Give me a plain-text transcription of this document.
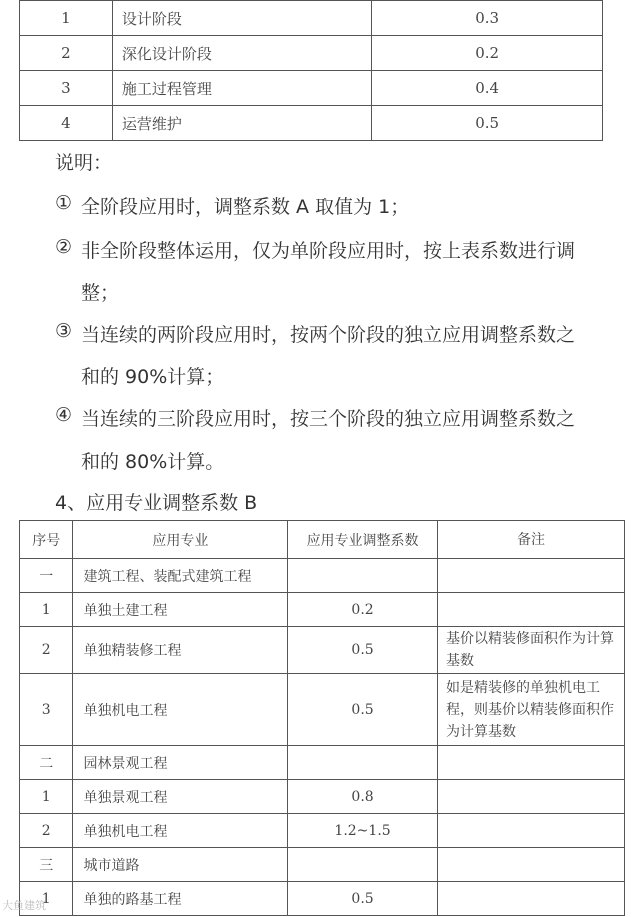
1	设计阶段	0.3
2	深化设计阶段	0.2
3	施工过程管理	0.4
4	运营维护	0.5
说明：
① 全阶段应用时，调整系数 A 取值为 1；
② 非全阶段整体运用，仅为单阶段应用时，按上表系数进行调
整；
③ 当连续的两阶段应用时，按两个阶段的独立应用调整系数之
和的 90%计算；
④ 当连续的三阶段应用时，按三个阶段的独立应用调整系数之
和的 80%计算。
4、应用专业调整系数 B
序号	应用专业	应用专业调整系数	备注
一	建筑工程、装配式建筑工程		
1	单独土建工程	0.2	
2	单独精装修工程	0.5	基价以精装修面积作为计算基数
3	单独机电工程	0.5	如是精装修的单独机电工程，则基价以精装修面积作为计算基数
二	园林景观工程		
1	单独景观工程	0.8	
2	单独机电工程	1.2~1.5	
三	城市道路		
1	单独的路基工程	0.5	
大鱼建筑
